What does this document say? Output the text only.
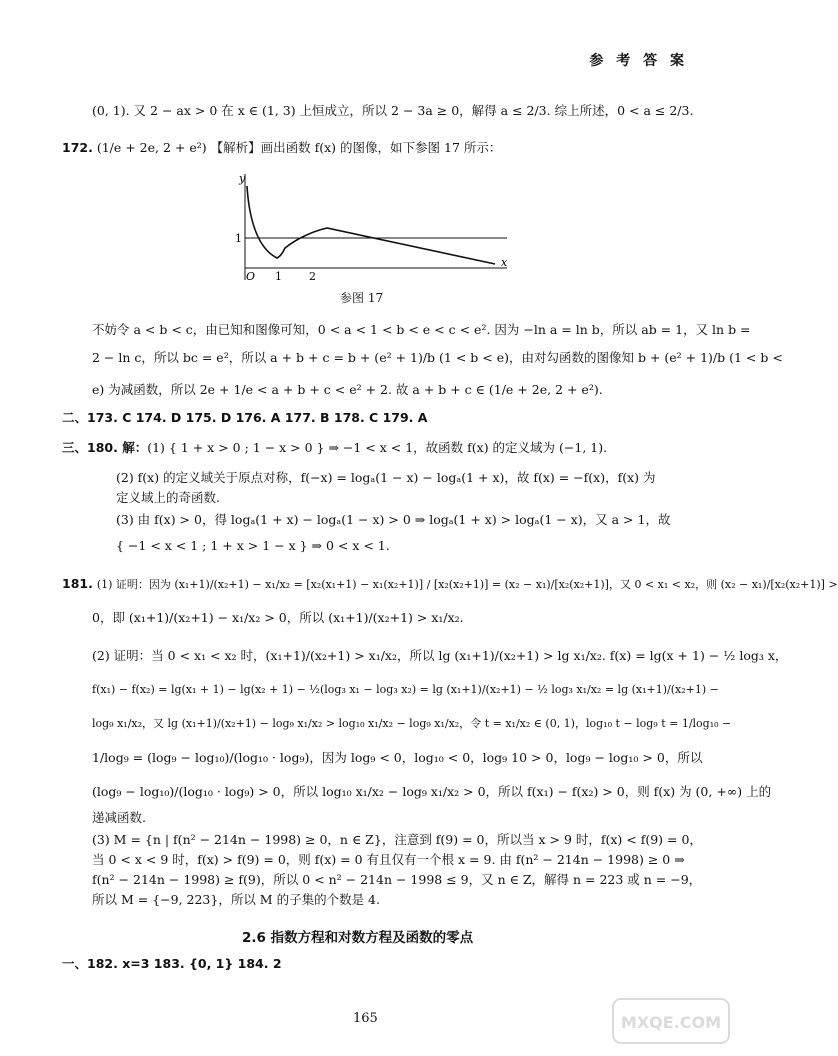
参 考 答 案
(0, 1). 又 2 − ax > 0 在 x ∈ (1, 3) 上恒成立，所以 2 − 3a ≥ 0，解得 a ≤ 2/3. 综上所述，0 < a ≤ 2/3.
172. (1/e + 2e, 2 + e²) 【解析】画出函数 f(x) 的图像，如下参图 17 所示：
y
x
O 1 2
1
参图 17
不妨令 a < b < c，由已知和图像可知，0 < a < 1 < b < e < c < e². 因为 −ln a = ln b，所以 ab = 1，又 ln b =
2 − ln c，所以 bc = e²，所以 a + b + c = b + (e² + 1)/b (1 < b < e)，由对勾函数的图像知 b + (e² + 1)/b (1 < b <
e) 为减函数，所以 2e + 1/e < a + b + c < e² + 2. 故 a + b + c ∈ (1/e + 2e, 2 + e²).
二、173. C 174. D 175. D 176. A 177. B 178. C 179. A
三、180. 解：(1) { 1 + x > 0 ; 1 − x > 0 } ⇒ −1 < x < 1，故函数 f(x) 的定义域为 (−1, 1).
(2) f(x) 的定义域关于原点对称，f(−x) = logₐ(1 − x) − logₐ(1 + x)，故 f(x) = −f(x)，f(x) 为
定义域上的奇函数.
(3) 由 f(x) > 0，得 logₐ(1 + x) − logₐ(1 − x) > 0 ⇒ logₐ(1 + x) > logₐ(1 − x)，又 a > 1，故
{ −1 < x < 1 ; 1 + x > 1 − x } ⇒ 0 < x < 1.
181. (1) 证明：因为 (x₁+1)/(x₂+1) − x₁/x₂ = [x₂(x₁+1) − x₁(x₂+1)] / [x₂(x₂+1)] = (x₂ − x₁)/[x₂(x₂+1)]，又 0 < x₁ < x₂，则 (x₂ − x₁)/[x₂(x₂+1)] >
0，即 (x₁+1)/(x₂+1) − x₁/x₂ > 0，所以 (x₁+1)/(x₂+1) > x₁/x₂.
(2) 证明：当 0 < x₁ < x₂ 时，(x₁+1)/(x₂+1) > x₁/x₂，所以 lg (x₁+1)/(x₂+1) > lg x₁/x₂. f(x) = lg(x + 1) − ½ log₃ x，
f(x₁) − f(x₂) = lg(x₁ + 1) − lg(x₂ + 1) − ½(log₃ x₁ − log₃ x₂) = lg (x₁+1)/(x₂+1) − ½ log₃ x₁/x₂ = lg (x₁+1)/(x₂+1) −
log₉ x₁/x₂，又 lg (x₁+1)/(x₂+1) − log₉ x₁/x₂ > log₁₀ x₁/x₂ − log₉ x₁/x₂，令 t = x₁/x₂ ∈ (0, 1)，log₁₀ t − log₉ t = 1/log₁₀ −
1/log₉ = (log₉ − log₁₀)/(log₁₀ · log₉)，因为 log₉ < 0，log₁₀ < 0，log₉ 10 > 0，log₉ − log₁₀ > 0，所以
(log₉ − log₁₀)/(log₁₀ · log₉) > 0，所以 log₁₀ x₁/x₂ − log₉ x₁/x₂ > 0，所以 f(x₁) − f(x₂) > 0，则 f(x) 为 (0, +∞) 上的
递减函数.
(3) M = {n | f(n² − 214n − 1998) ≥ 0，n ∈ Z}，注意到 f(9) = 0，所以当 x > 9 时，f(x) < f(9) = 0，
当 0 < x < 9 时，f(x) > f(9) = 0，则 f(x) = 0 有且仅有一个根 x = 9. 由 f(n² − 214n − 1998) ≥ 0 ⇒
f(n² − 214n − 1998) ≥ f(9)，所以 0 < n² − 214n − 1998 ≤ 9，又 n ∈ Z，解得 n = 223 或 n = −9，
所以 M = {−9, 223}，所以 M 的子集的个数是 4.
2.6 指数方程和对数方程及函数的零点
一、182. x=3 183. {0, 1} 184. 2
165	MXQE.COM
